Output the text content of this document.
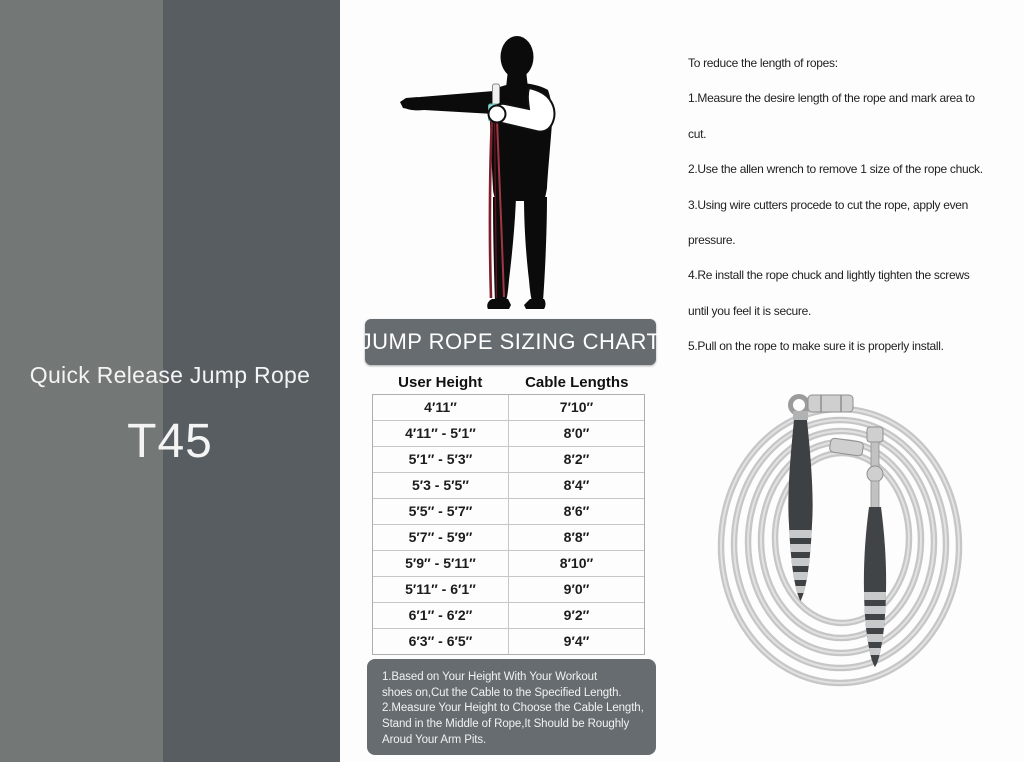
Quick Release Jump Rope
T45
JUMP ROPE SIZING CHART
User Height	Cable Lengths
4′11″	7′10″
4′11″ - 5′1″	8′0″
5′1″ - 5′3″	8′2″
5′3 - 5′5″	8′4″
5′5″ - 5′7″	8′6″
5′7″ - 5′9″	8′8″
5′9″ - 5′11″	8′10″
5′11″ - 6′1″	9′0″
6′1″ - 6′2″	9′2″
6′3″ - 6′5″	9′4″
1.Based on Your Height With Your Workout
shoes on,Cut the Cable to the Specified Length.
2.Measure Your Height to Choose the Cable Length,
Stand in the Middle of Rope,It Should be Roughly
Aroud Your Arm Pits.
To reduce the length of ropes:
1.Measure the desire length of the rope and mark area to
cut.
2.Use the allen wrench to remove 1 size of the rope chuck.
3.Using wire cutters procede to cut the rope, apply even
pressure.
4.Re install the rope chuck and lightly tighten the screws
until you feel it is secure.
5.Pull on the rope to make sure it is properly install.
